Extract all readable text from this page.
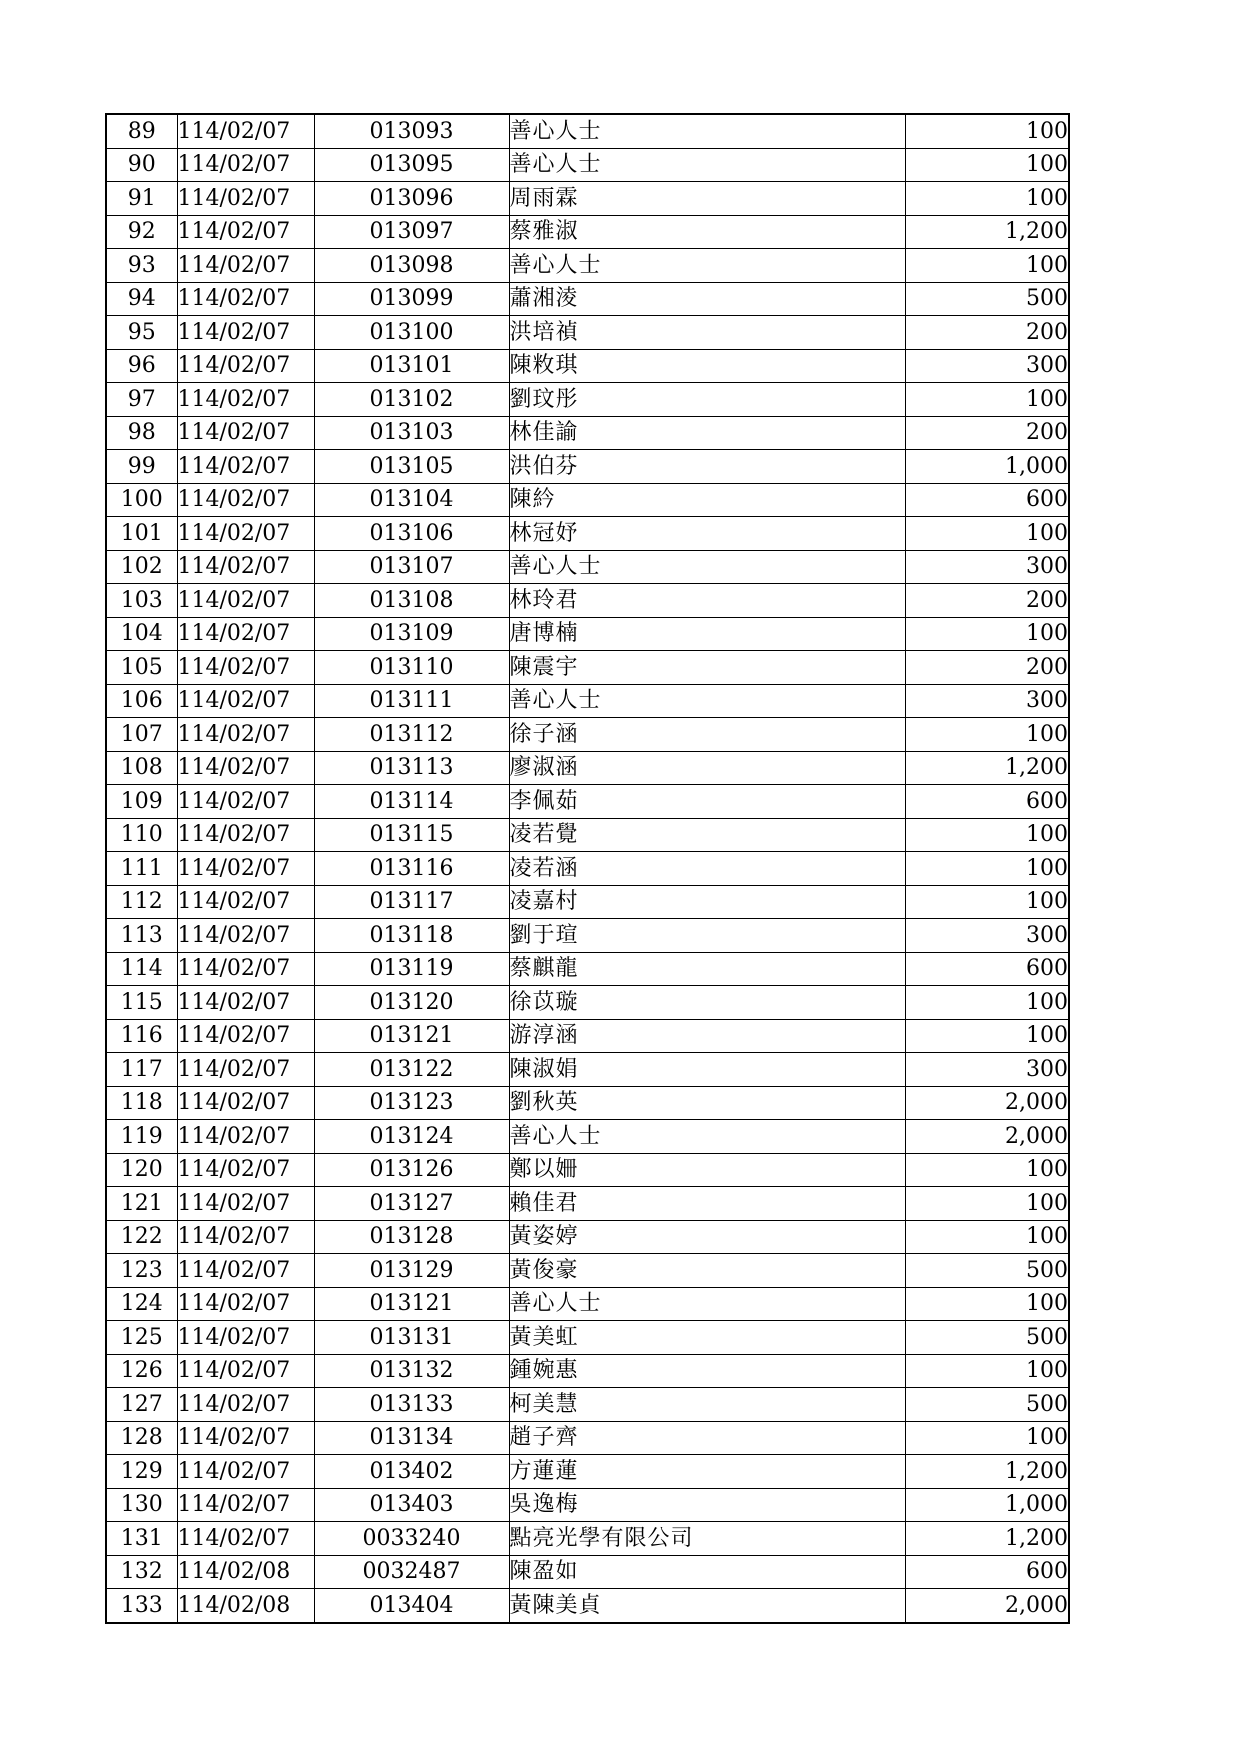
89	114/02/07	013093	善心人士	100
90	114/02/07	013095	善心人士	100
91	114/02/07	013096	周雨霖	100
92	114/02/07	013097	蔡雅淑	1,200
93	114/02/07	013098	善心人士	100
94	114/02/07	013099	蕭湘淩	500
95	114/02/07	013100	洪培禎	200
96	114/02/07	013101	陳敉琪	300
97	114/02/07	013102	劉玟彤	100
98	114/02/07	013103	林佳諭	200
99	114/02/07	013105	洪伯芬	1,000
100	114/02/07	013104	陳紟	600
101	114/02/07	013106	林冠妤	100
102	114/02/07	013107	善心人士	300
103	114/02/07	013108	林玲君	200
104	114/02/07	013109	唐博楠	100
105	114/02/07	013110	陳震宇	200
106	114/02/07	013111	善心人士	300
107	114/02/07	013112	徐子涵	100
108	114/02/07	013113	廖淑涵	1,200
109	114/02/07	013114	李佩茹	600
110	114/02/07	013115	凌若覺	100
111	114/02/07	013116	凌若涵	100
112	114/02/07	013117	凌嘉村	100
113	114/02/07	013118	劉于瑄	300
114	114/02/07	013119	蔡麒龍	600
115	114/02/07	013120	徐苡璇	100
116	114/02/07	013121	游淳涵	100
117	114/02/07	013122	陳淑娟	300
118	114/02/07	013123	劉秋英	2,000
119	114/02/07	013124	善心人士	2,000
120	114/02/07	013126	鄭以姍	100
121	114/02/07	013127	賴佳君	100
122	114/02/07	013128	黃姿婷	100
123	114/02/07	013129	黃俊豪	500
124	114/02/07	013121	善心人士	100
125	114/02/07	013131	黃美虹	500
126	114/02/07	013132	鍾婉惠	100
127	114/02/07	013133	柯美慧	500
128	114/02/07	013134	趙子齊	100
129	114/02/07	013402	方蓮蓮	1,200
130	114/02/07	013403	吳逸梅	1,000
131	114/02/07	0033240	點亮光學有限公司	1,200
132	114/02/08	0032487	陳盈如	600
133	114/02/08	013404	黃陳美貞	2,000
